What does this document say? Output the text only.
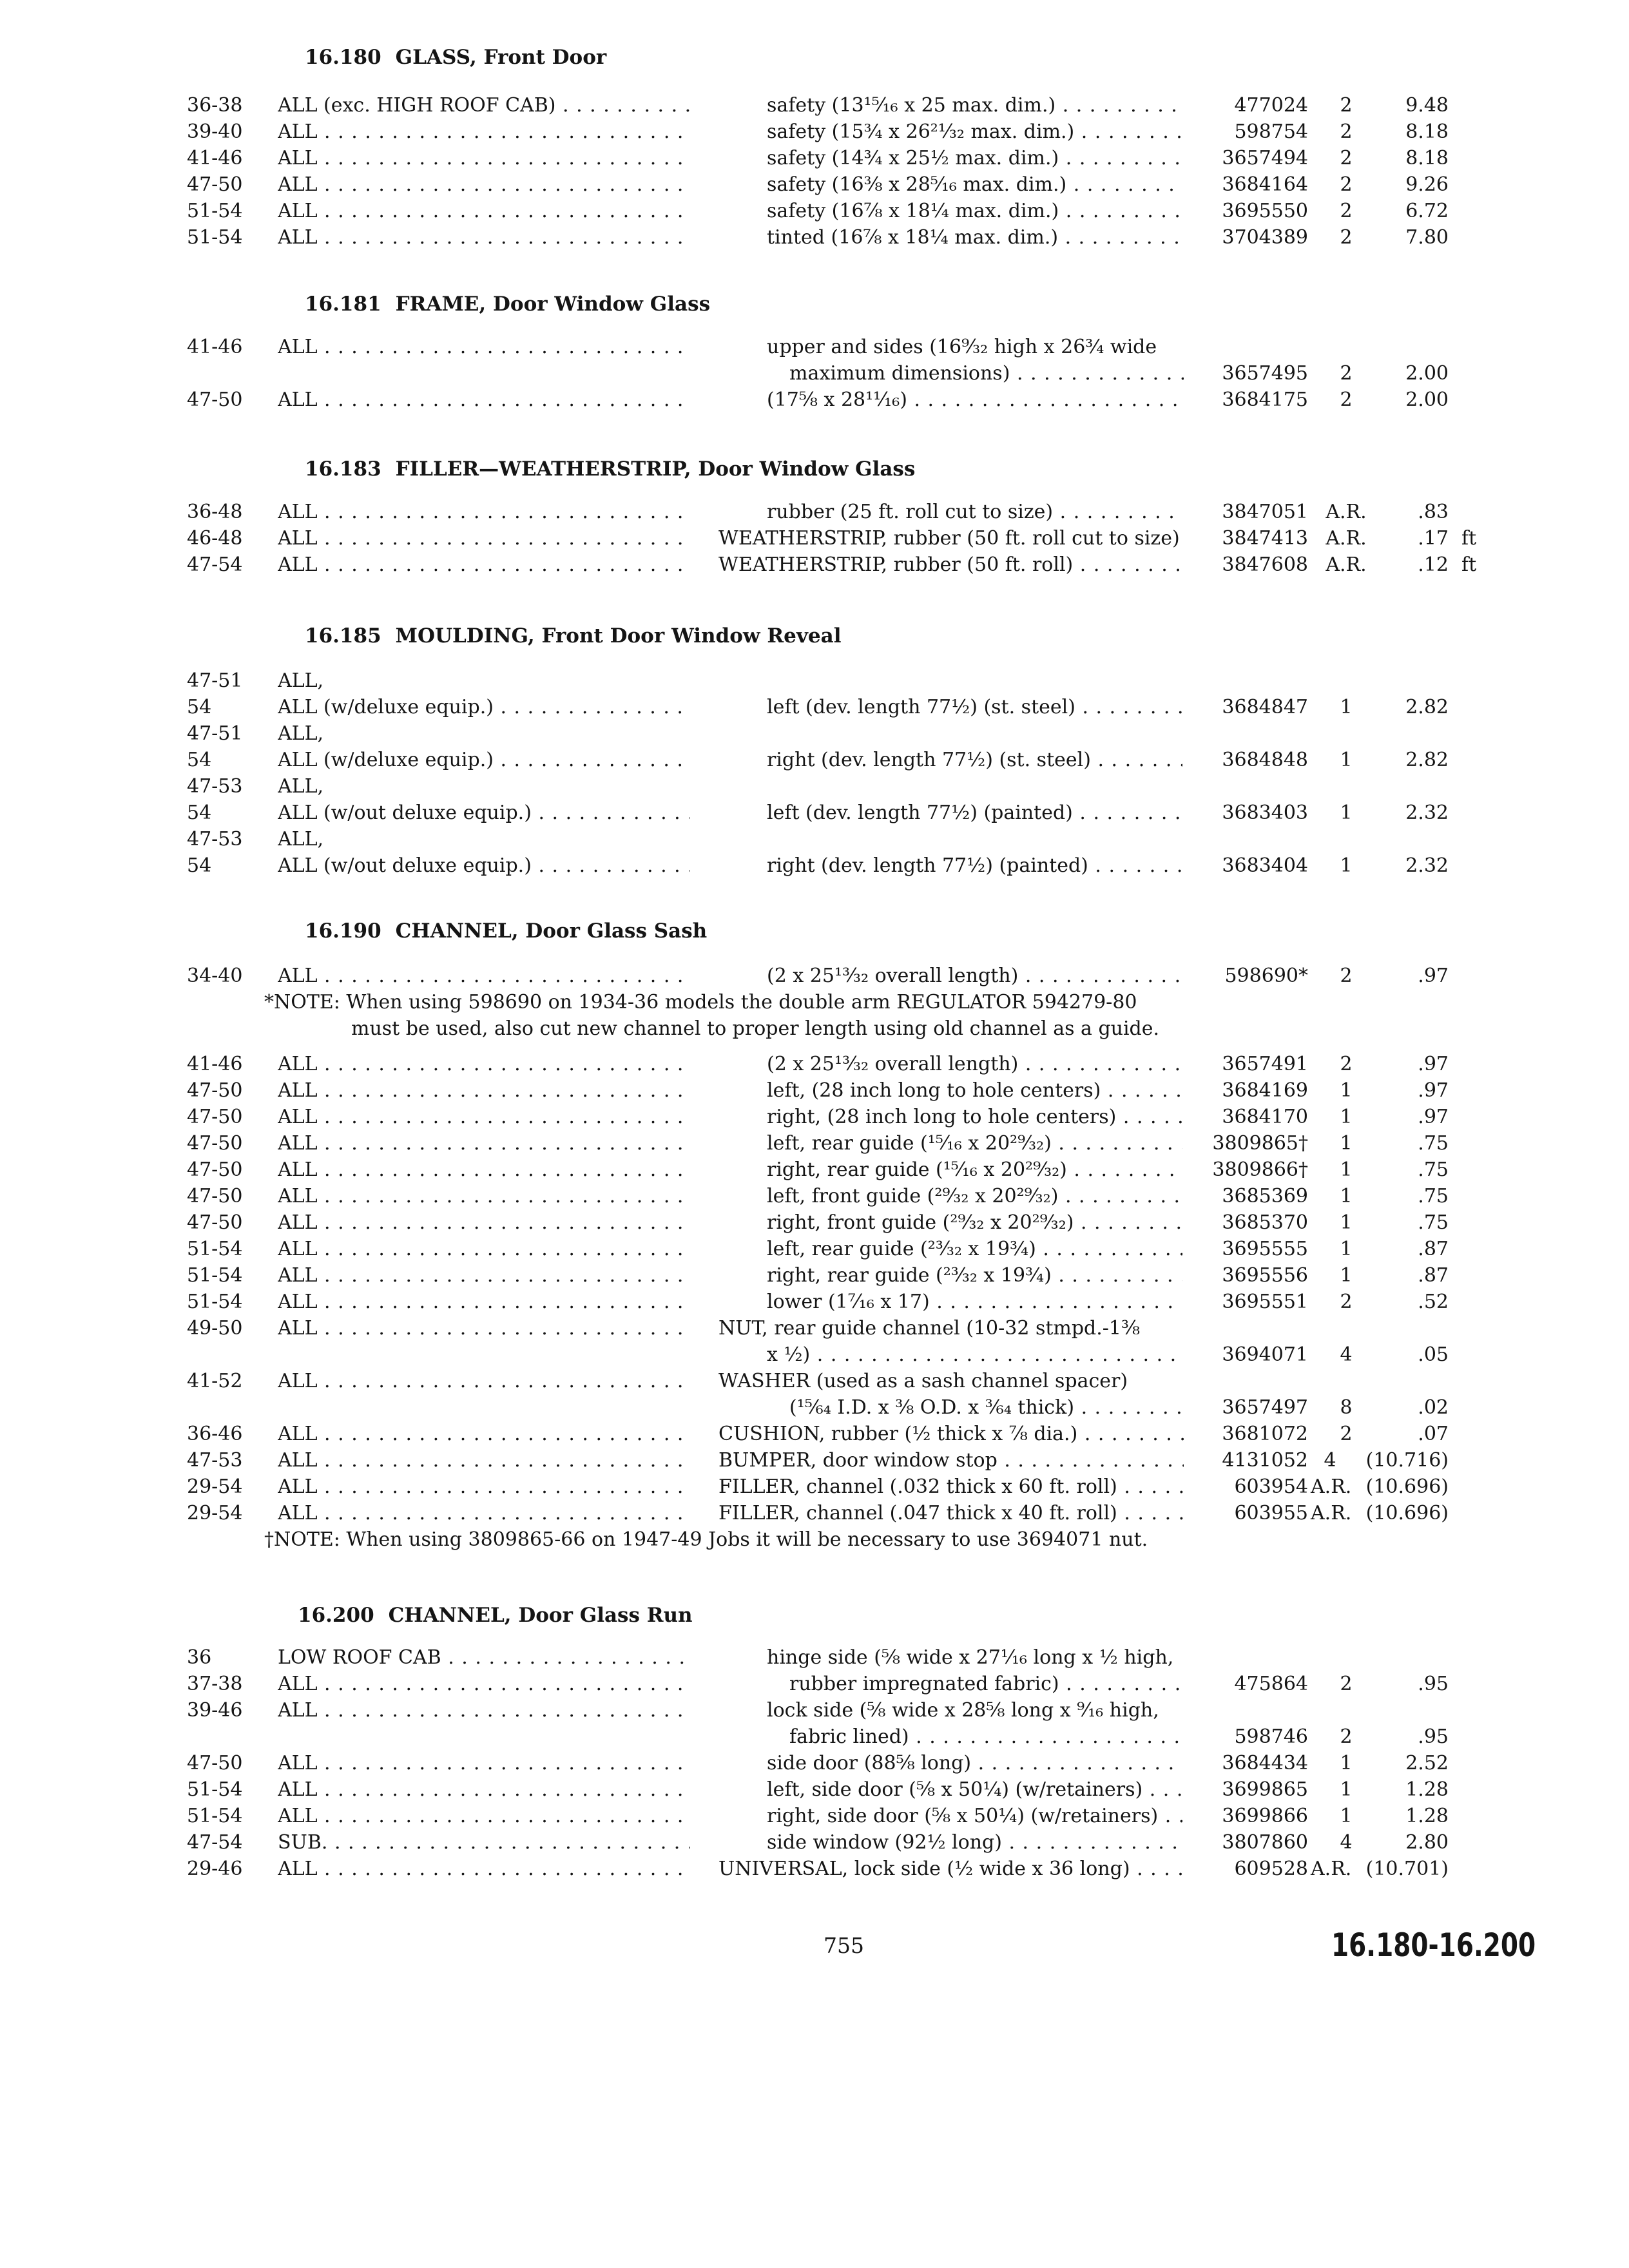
16.180 GLASS, Front Door
36-38 ALL (exc. HIGH ROOF CAB) . . .	safety (13¹⁵⁄₁₆ x 25 max. dim.) . . .	477024	2	9.48
39-40 ALL . . .	safety (15¾ x 26²¹⁄₃₂ max. dim.) . . .	598754	2	8.18
41-46 ALL . . .	safety (14¾ x 25½ max. dim.) . . .	3657494	2	8.18
47-50 ALL . . .	safety (16⅜ x 28⁵⁄₁₆ max. dim.) . . .	3684164	2	9.26
51-54 ALL . . .	safety (16⅞ x 18¼ max. dim.) . . .	3695550	2	6.72
51-54 ALL . . .	tinted (16⅞ x 18¼ max. dim.) . . .	3704389	2	7.80
16.181 FRAME, Door Window Glass
41-46 ALL . . .	upper and sides (16⁹⁄₃₂ high x 26¾ wide
maximum dimensions) . . .	3657495	2	2.00
47-50 ALL . . .	(17⅝ x 28¹¹⁄₁₆) . . .	3684175	2	2.00
16.183 FILLER—WEATHERSTRIP, Door Window Glass
36-48 ALL . . .	rubber (25 ft. roll cut to size) . . .	3847051 A.R.	.83
46-48 ALL . . .	WEATHERSTRIP, rubber (50 ft. roll cut to size)	3847413 A.R.	.17 ft
47-54 ALL . . .	WEATHERSTRIP, rubber (50 ft. roll) . . .	3847608 A.R.	.12 ft
16.185 MOULDING, Front Door Window Reveal
47-51 ALL,
54	ALL (w/deluxe equip.) . . .	left (dev. length 77½) (st. steel) . . .	3684847	1	2.82
47-51 ALL,
54	ALL (w/deluxe equip.) . . .	right (dev. length 77½) (st. steel) . . .	3684848	1	2.82
47-53 ALL,
54	ALL (w/out deluxe equip.) . . .	left (dev. length 77½) (painted) . . .	3683403	1	2.32
47-53 ALL,
54	ALL (w/out deluxe equip.) . . .	right (dev. length 77½) (painted) . . .	3683404	1	2.32
16.190 CHANNEL, Door Glass Sash
34-40 ALL . . .	(2 x 25¹³⁄₃₂ overall length) . . .	598690*	2	.97
*NOTE: When using 598690 on 1934-36 models the double arm REGULATOR 594279-80
must be used, also cut new channel to proper length using old channel as a guide.
41-46 ALL . . .	(2 x 25¹³⁄₃₂ overall length) . . .	3657491	2	.97
47-50 ALL . . .	left, (28 inch long to hole centers) . . .	3684169	1	.97
47-50 ALL . . .	right, (28 inch long to hole centers) . . .	3684170	1	.97
47-50 ALL . . .	left, rear guide (¹⁵⁄₁₆ x 20²⁹⁄₃₂) . . .	3809865†	1	.75
47-50 ALL . . .	right, rear guide (¹⁵⁄₁₆ x 20²⁹⁄₃₂) . . .	3809866†	1	.75
47-50 ALL . . .	left, front guide (²⁹⁄₃₂ x 20²⁹⁄₃₂) . . .	3685369	1	.75
47-50 ALL . . .	right, front guide (²⁹⁄₃₂ x 20²⁹⁄₃₂) . . .	3685370	1	.75
51-54 ALL . . .	left, rear guide (²³⁄₃₂ x 19¾) . . .	3695555	1	.87
51-54 ALL . . .	right, rear guide (²³⁄₃₂ x 19¾) . . .	3695556	1	.87
51-54 ALL . . .	lower (1⁷⁄₁₆ x 17) . . .	3695551	2	.52
49-50 ALL . . .	NUT, rear guide channel (10-32 stmpd.-1⅜
x ½) . . .	3694071	4	.05
41-52 ALL . . .	WASHER (used as a sash channel spacer)
(¹⁵⁄₆₄ I.D. x ⅜ O.D. x ³⁄₆₄ thick) . . .	3657497	8	.02
36-46 ALL . . .	CUSHION, rubber (½ thick x ⅞ dia.) . . .	3681072	2	.07
47-53 ALL . . .	BUMPER, door window stop . . .	4131052 4	(10.716)
29-54 ALL . . .	FILLER, channel (.032 thick x 60 ft. roll) . . .	603954 A.R. (10.696)
29-54 ALL . . .	FILLER, channel (.047 thick x 40 ft. roll) . . .	603955 A.R. (10.696)
†NOTE: When using 3809865-66 on 1947-49 Jobs it will be necessary to use 3694071 nut.
16.200 CHANNEL, Door Glass Run
36	LOW ROOF CAB . . .	hinge side (⅝ wide x 27¹⁄₁₆ long x ½ high,
37-38 ALL . . .	rubber impregnated fabric) . . .	475864	2	.95
39-46 ALL . . .	lock side (⅝ wide x 28⅝ long x ⁹⁄₁₆ high,
fabric lined) . . .	598746	2	.95
47-50 ALL . . .	side door (88⅝ long) . . .	3684434	1	2.52
51-54 ALL . . .	left, side door (⅝ x 50¼) (w/retainers) . . .	3699865	1	1.28
51-54 ALL . . .	right, side door (⅝ x 50¼) (w/retainers) . . .	3699866	1	1.28
47-54 SUB. . . .	side window (92½ long) . . .	3807860	4	2.80
29-46 ALL . . .	UNIVERSAL, lock side (½ wide x 36 long) . . .	609528 A.R. (10.701)
755	16.180-16.200
